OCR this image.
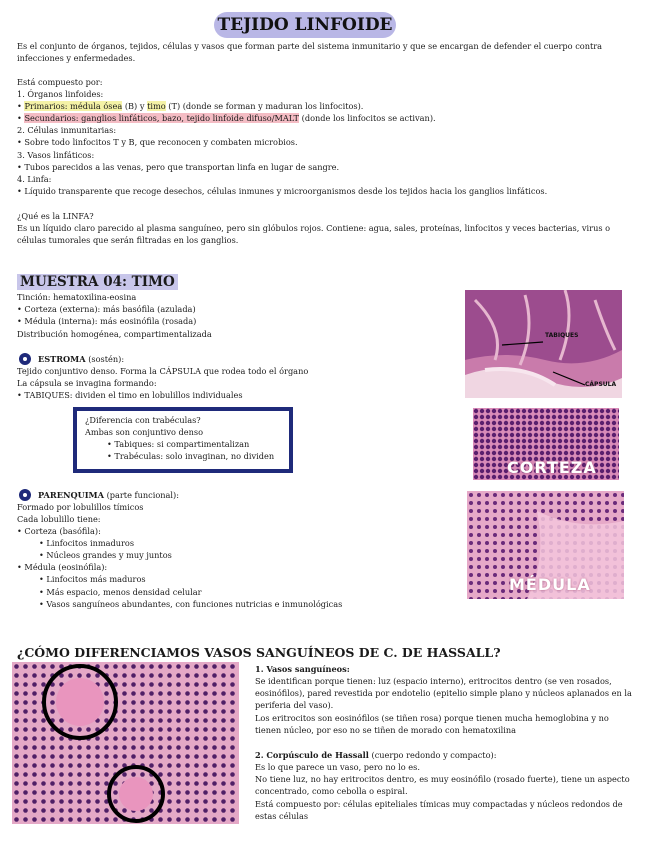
TEJIDO LINFOIDE
Es el conjunto de órganos, tejidos, células y vasos que forman parte del sistema inmunitario y que se encargan de defender el cuerpo contra
infecciones y enfermedades.
Está compuesto por:
1. Órganos linfoides:
• Primarios: médula ósea (B) y timo (T) (donde se forman y maduran los linfocitos).
• Secundarios: ganglios linfáticos, bazo, tejido linfoide difuso/MALT (donde los linfocitos se activan).
2. Células inmunitarias:
• Sobre todo linfocitos T y B, que reconocen y combaten microbios.
3. Vasos linfáticos:
• Tubos parecidos a las venas, pero que transportan linfa en lugar de sangre.
4. Linfa:
• Líquido transparente que recoge desechos, células inmunes y microorganismos desde los tejidos hacia los ganglios linfáticos.
¿Qué es la LINFA?
Es un líquido claro parecido al plasma sanguíneo, pero sin glóbulos rojos. Contiene: agua, sales, proteínas, linfocitos y veces bacterias, virus o
células tumorales que serán filtradas en los ganglios.
MUESTRA 04: TIMO
Tinción: hematoxilina-eosina
• Corteza (externa): más basófila (azulada)
• Médula (interna): más eosinófila (rosada)
Distribución homogénea, compartimentalizada
ESTROMA (sostén):
Tejido conjuntivo denso. Forma la CÁPSULA que rodea todo el órgano
La cápsula se invagina formando:
• TABIQUES: dividen el timo en lobulillos individuales
¿Diferencia con trabéculas?
Ambas son conjuntivo denso
• Tabiques: si compartimentalizan
• Trabéculas: solo invaginan, no dividen
PARENQUIMA (parte funcional):
Formado por lobulillos tímicos
Cada lobulillo tiene:
• Corteza (basófila):
• Linfocitos inmaduros
• Núcleos grandes y muy juntos
• Médula (eosinófila):
• Linfocitos más maduros
• Más espacio, menos densidad celular
• Vasos sanguíneos abundantes, con funciones nutricias e inmunológicas
TABIQUES
CÁPSULA
CORTEZA
MÉDULA
¿CÓMO DIFERENCIAMOS VASOS SANGUÍNEOS DE C. DE HASSALL?
1. Vasos sanguíneos:
Se identifican porque tienen: luz (espacio interno), eritrocitos dentro (se ven rosados,
eosinófilos), pared revestida por endotelio (epitelio simple plano y núcleos aplanados en la
periferia del vaso).
Los eritrocitos son eosinófilos (se tiñen rosa) porque tienen mucha hemoglobina y no
tienen núcleo, por eso no se tiñen de morado con hematoxilina
2. Corpúsculo de Hassall (cuerpo redondo y compacto):
Es lo que parece un vaso, pero no lo es.
No tiene luz, no hay eritrocitos dentro, es muy eosinófilo (rosado fuerte), tiene un aspecto
concentrado, como cebolla o espiral.
Está compuesto por: células epiteliales tímicas muy compactadas y núcleos redondos de
estas células
